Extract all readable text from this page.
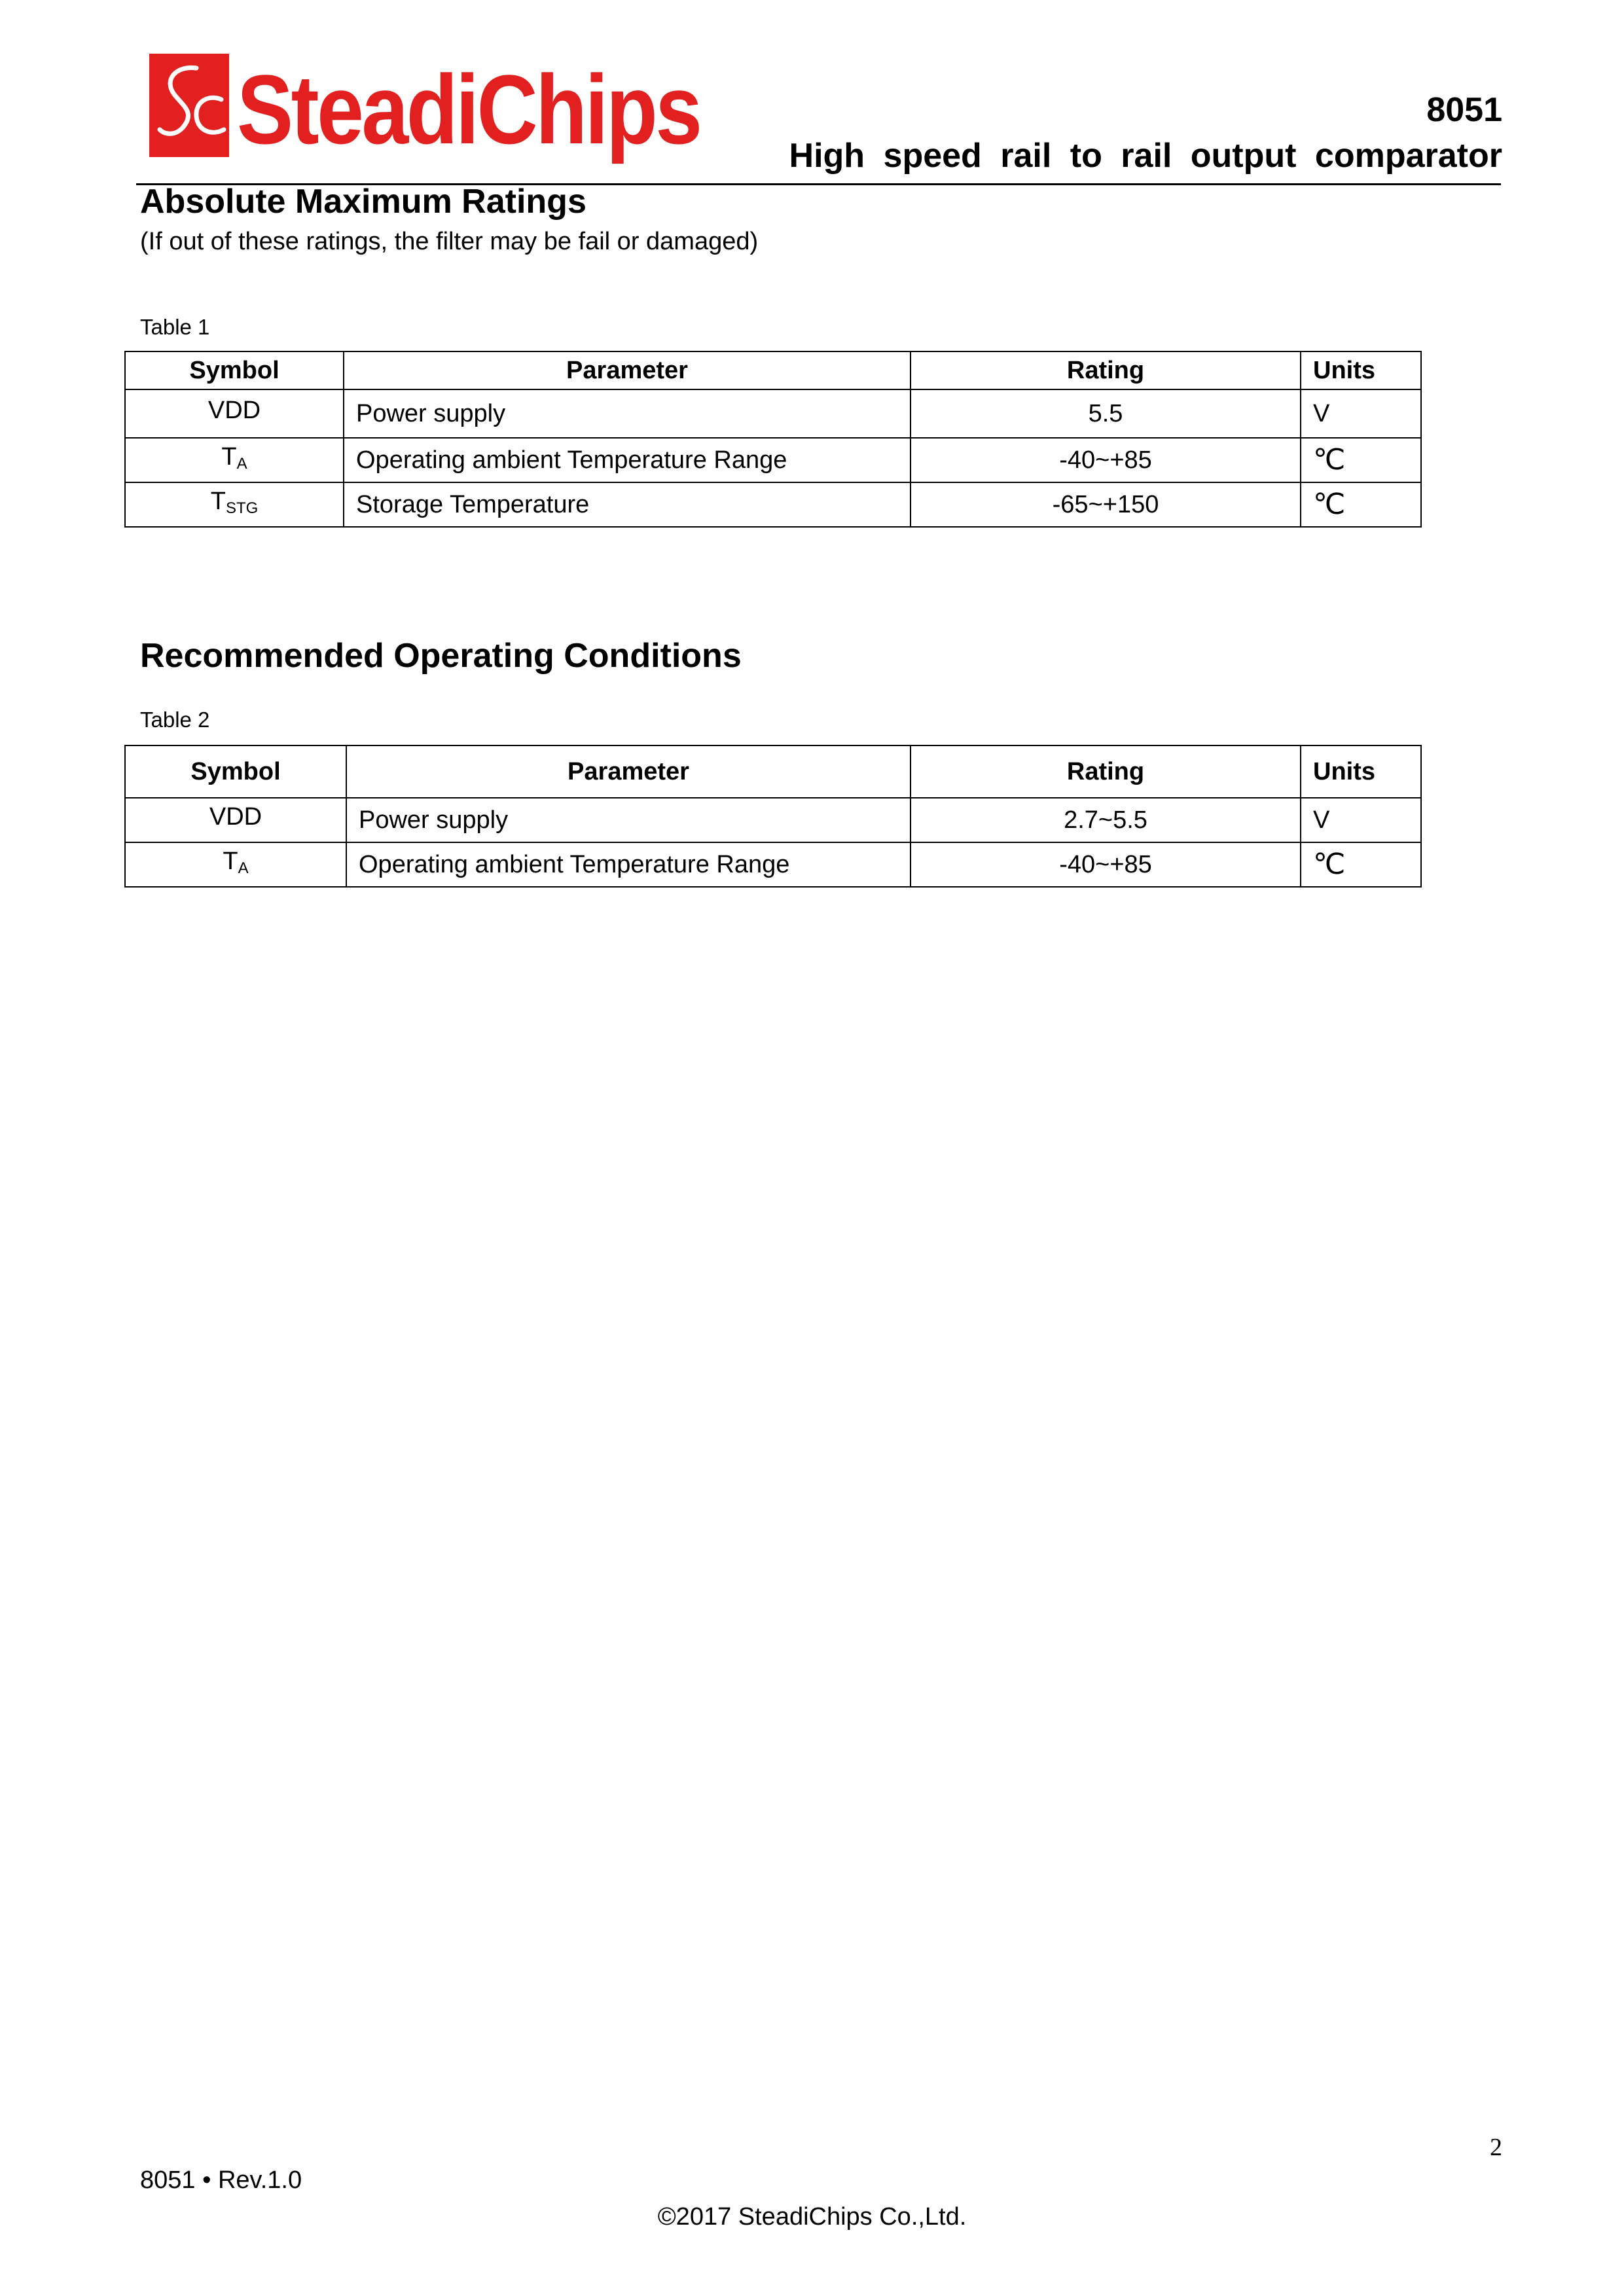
SteadiChips	8051
High speed rail to rail output comparator
Absolute Maximum Ratings
(If out of these ratings, the filter may be fail or damaged)
Table 1
Symbol	Parameter	Rating	Units
VDD	Power supply	5.5	V
$T_A$	Operating ambient Temperature Range	-40~+85	℃
$T_{STG}$	Storage Temperature	-65~+150	℃
Recommended Operating Conditions
Table 2
Symbol	Parameter	Rating	Units
VDD	Power supply	2.7~5.5	V
$T_A$	Operating ambient Temperature Range	-40~+85	℃
2
8051 • Rev.1.0
©2017 SteadiChips Co.,Ltd.
